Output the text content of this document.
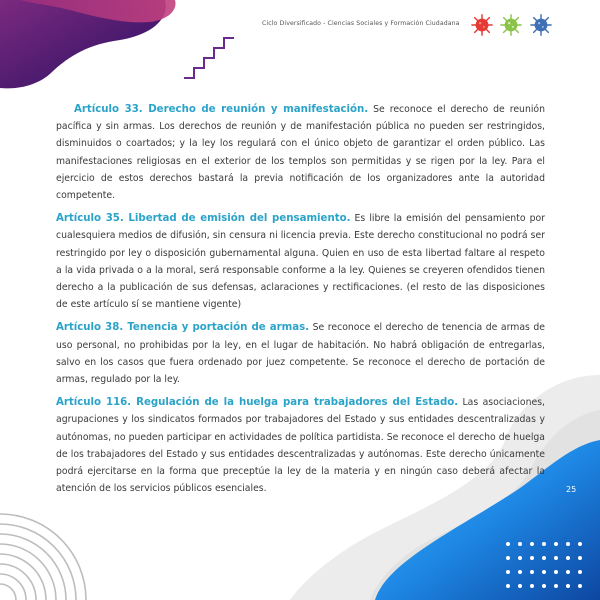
Ciclo Diversificado - Ciencias Sociales y Formación Ciudadana

Artículo 33. Derecho de reunión y manifestación. Se reconoce el derecho de reunión pacífica y sin armas. Los derechos de reunión y de manifestación pública no pueden ser restringidos, disminuidos o coartados; y la ley los regulará con el único objeto de garantizar el orden público. Las manifestaciones religiosas en el exterior de los templos son permitidas y se rigen por la ley. Para el ejercicio de estos derechos bastará la previa notificación de los organizadores ante la autoridad competente.

Artículo 35. Libertad de emisión del pensamiento. Es libre la emisión del pensamiento por cualesquiera medios de difusión, sin censura ni licencia previa. Este derecho constitucional no podrá ser restringido por ley o disposición gubernamental alguna. Quien en uso de esta libertad faltare al respeto a la vida privada o a la moral, será responsable conforme a la ley. Quienes se creyeren ofendidos tienen derecho a la publicación de sus defensas, aclaraciones y rectificaciones. (el resto de las disposiciones de este artículo sí se mantiene vigente)

Artículo 38. Tenencia y portación de armas. Se reconoce el derecho de tenencia de armas de uso personal, no prohibidas por la ley, en el lugar de habitación. No habrá obligación de entregarlas, salvo en los casos que fuera ordenado por juez competente. Se reconoce el derecho de portación de armas, regulado por la ley.

Artículo 116. Regulación de la huelga para trabajadores del Estado. Las asociaciones, agrupaciones y los sindicatos formados por trabajadores del Estado y sus entidades descentralizadas y autónomas, no pueden participar en actividades de política partidista. Se reconoce el derecho de huelga de los trabajadores del Estado y sus entidades descentralizadas y autónomas. Este derecho únicamente podrá ejercitarse en la forma que preceptúe la ley de la materia y en ningún caso deberá afectar la atención de los servicios públicos esenciales.	25
